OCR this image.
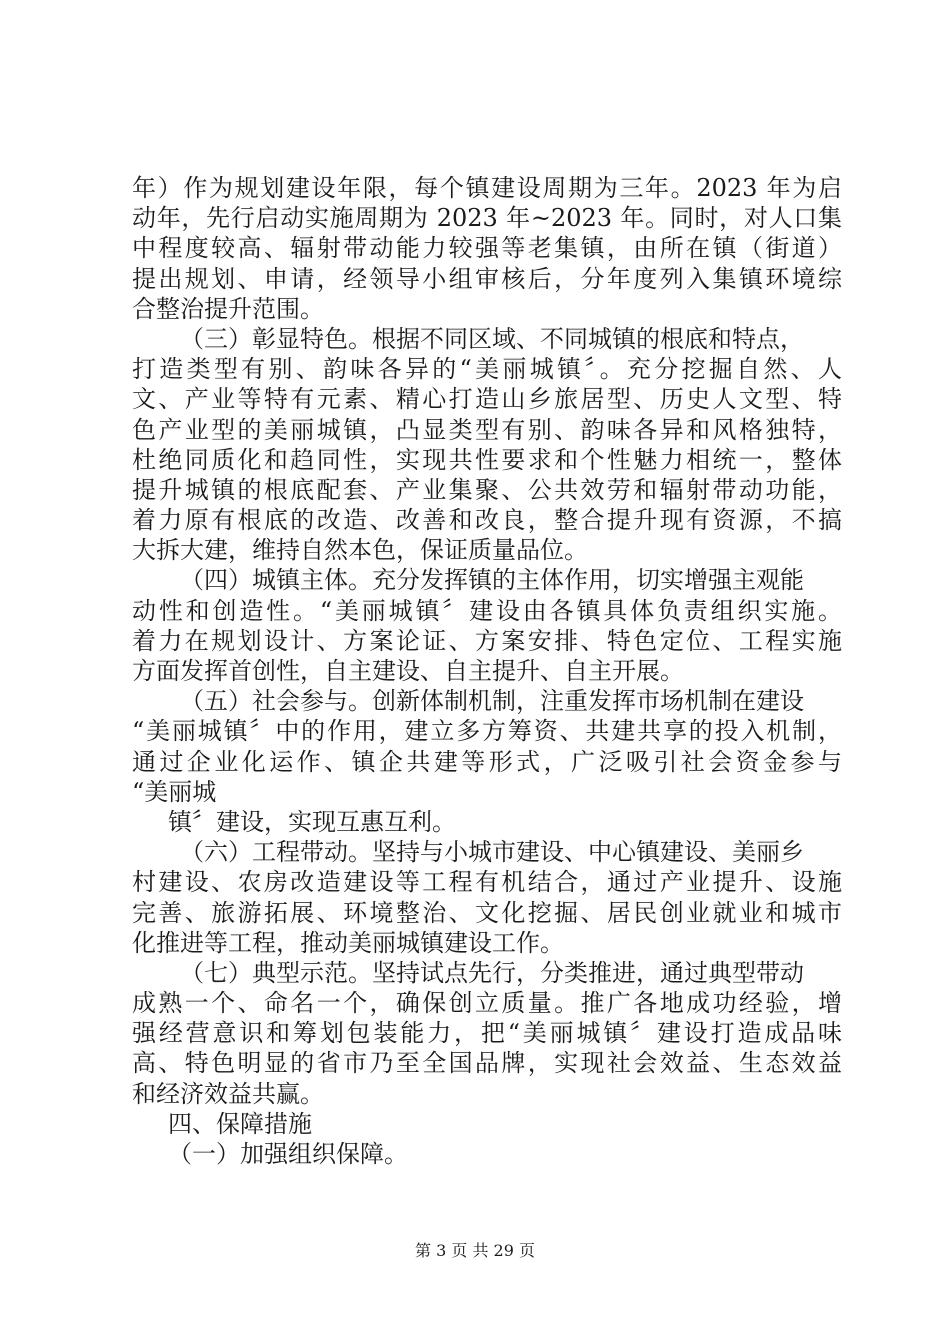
年）作为规划建设年限，每个镇建设周期为三年。2023 年为启
动年，先行启动实施周期为 2023 年~2023 年。同时，对人口集
中程度较高、辐射带动能力较强等老集镇，由所在镇（街道）
提出规划、申请，经领导小组审核后，分年度列入集镇环境综
合整治提升范围。
（三）彰显特色。根据不同区域、不同城镇的根底和特点，
打造类型有别、韵味各异的“美丽城镇〞。充分挖掘自然、人
文、产业等特有元素、精心打造山乡旅居型、历史人文型、特
色产业型的美丽城镇，凸显类型有别、韵味各异和风格独特，
杜绝同质化和趋同性，实现共性要求和个性魅力相统一，整体
提升城镇的根底配套、产业集聚、公共效劳和辐射带动功能，
着力原有根底的改造、改善和改良，整合提升现有资源，不搞
大拆大建，维持自然本色，保证质量品位。
（四）城镇主体。充分发挥镇的主体作用，切实增强主观能
动性和创造性。“美丽城镇〞建设由各镇具体负责组织实施。
着力在规划设计、方案论证、方案安排、特色定位、工程实施
方面发挥首创性，自主建设、自主提升、自主开展。
（五）社会参与。创新体制机制，注重发挥市场机制在建设
“美丽城镇〞中的作用，建立多方筹资、共建共享的投入机制，
通过企业化运作、镇企共建等形式，广泛吸引社会资金参与
“美丽城
镇〞建设，实现互惠互利。
（六）工程带动。坚持与小城市建设、中心镇建设、美丽乡
村建设、农房改造建设等工程有机结合，通过产业提升、设施
完善、旅游拓展、环境整治、文化挖掘、居民创业就业和城市
化推进等工程，推动美丽城镇建设工作。
（七）典型示范。坚持试点先行，分类推进，通过典型带动
成熟一个、命名一个，确保创立质量。推广各地成功经验，增
强经营意识和筹划包装能力，把“美丽城镇〞建设打造成品味
高、特色明显的省市乃至全国品牌，实现社会效益、生态效益
和经济效益共赢。
四、保障措施
（一）加强组织保障。
第 3 页 共 29 页
